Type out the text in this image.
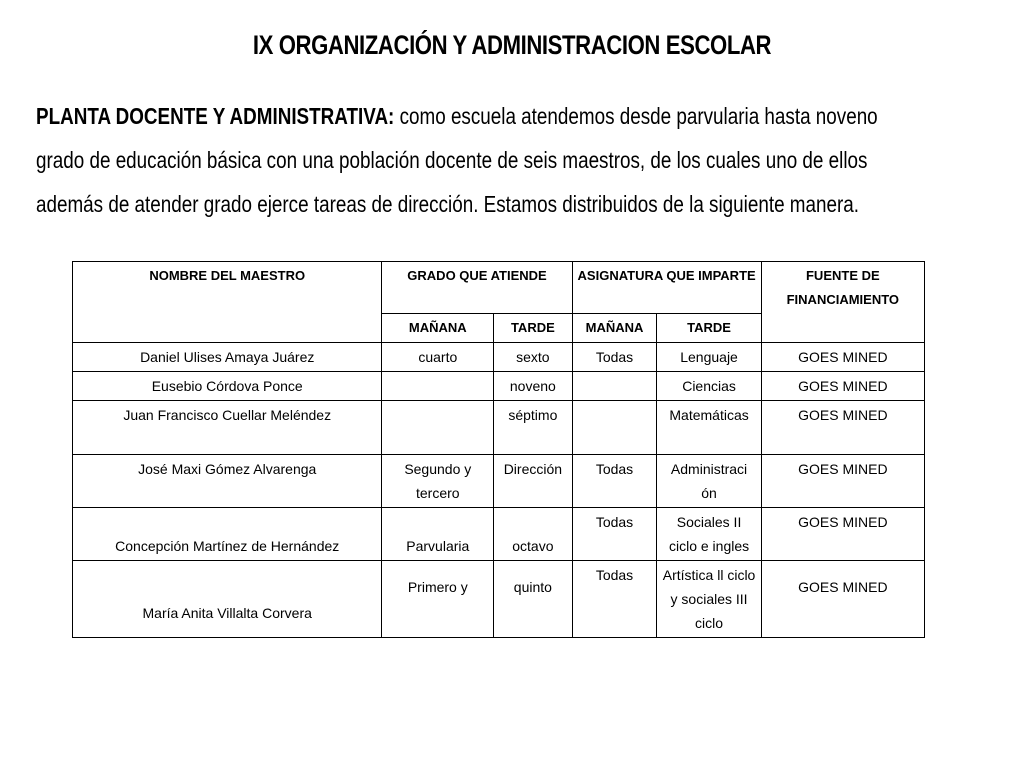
IX ORGANIZACIÓN Y ADMINISTRACION ESCOLAR
PLANTA DOCENTE Y ADMINISTRATIVA: como escuela atendemos desde parvularia hasta noveno grado de educación básica con una población docente de seis maestros, de los cuales uno de ellos además de atender grado ejerce tareas de dirección. Estamos distribuidos de la siguiente manera.
NOMBRE DEL MAESTRO	GRADO QUE ATIENDE		ASIGNATURA QUE IMPARTE		FUENTE DE FINANCIAMIENTO
	MAÑANA	TARDE	MAÑANA	TARDE	
Daniel Ulises Amaya Juárez	cuarto	sexto	Todas	Lenguaje	GOES MINED
Eusebio Córdova Ponce		noveno		Ciencias	GOES MINED
Juan Francisco Cuellar Meléndez		séptimo		Matemáticas	GOES MINED
José Maxi Gómez Alvarenga	Segundo y tercero	Dirección	Todas	Administraci ón	GOES MINED
Concepción Martínez de Hernández	Parvularia	octavo	Todas	Sociales II ciclo e ingles	GOES MINED
María Anita Villalta Corvera	Primero y	quinto	Todas	Artística ll ciclo y sociales III ciclo	GOES MINED
